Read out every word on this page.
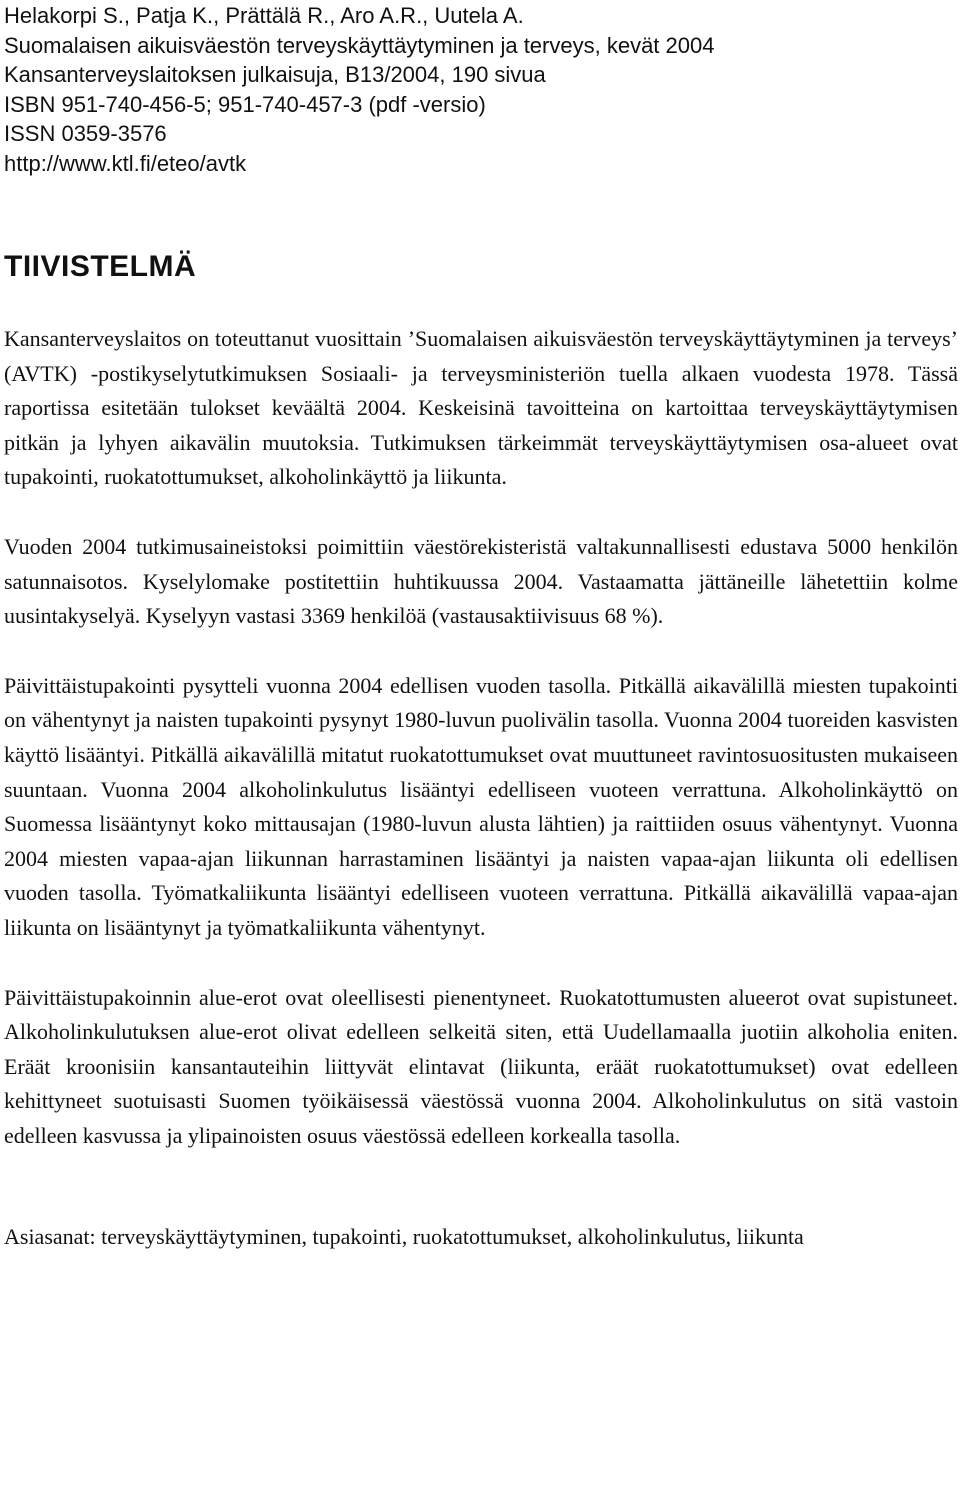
Helakorpi S., Patja K., Prättälä R., Aro A.R., Uutela A.
Suomalaisen aikuisväestön terveyskäyttäytyminen ja terveys, kevät 2004
Kansanterveyslaitoksen julkaisuja, B13/2004, 190 sivua
ISBN 951-740-456-5; 951-740-457-3 (pdf -versio)
ISSN 0359-3576
http://www.ktl.fi/eteo/avtk
TIIVISTELMÄ

Kansanterveyslaitos on toteuttanut vuosittain ’Suomalaisen aikuisväestön terveyskäyttäytyminen ja terveys’ (AVTK) -postikyselytutkimuksen Sosiaali- ja terveysministeriön tuella alkaen vuodesta 1978. Tässä raportissa esitetään tulokset keväältä 2004. Keskeisinä tavoitteina on kartoittaa terveyskäyttäytymisen pitkän ja lyhyen aikavälin muutoksia. Tutkimuksen tärkeimmät terveyskäyttäytymisen osa-alueet ovat tupakointi, ruokatottumukset, alkoholinkäyttö ja liikunta.

Vuoden 2004 tutkimusaineistoksi poimittiin väestörekisteristä valtakunnallisesti edustava 5000 henkilön satunnaisotos. Kyselylomake postitettiin huhtikuussa 2004. Vastaamatta jättäneille lähetettiin kolme uusintakyselyä. Kyselyyn vastasi 3369 henkilöä (vastausaktiivisuus 68 %).

Päivittäistupakointi pysytteli vuonna 2004 edellisen vuoden tasolla. Pitkällä aikavälillä miesten tupakointi on vähentynyt ja naisten tupakointi pysynyt 1980-luvun puolivälin tasolla. Vuonna 2004 tuoreiden kasvisten käyttö lisääntyi. Pitkällä aikavälillä mitatut ruokatottumukset ovat muuttuneet ravintosuositusten mukaiseen suuntaan. Vuonna 2004 alkoholinkulutus lisääntyi edelliseen vuoteen verrattuna. Alkoholinkäyttö on Suomessa lisääntynyt koko mittausajan (1980-luvun alusta lähtien) ja raittiiden osuus vähentynyt. Vuonna 2004 miesten vapaa-ajan liikunnan harrastaminen lisääntyi ja naisten vapaa-ajan liikunta oli edellisen vuoden tasolla. Työmatkaliikunta lisääntyi edelliseen vuoteen verrattuna. Pitkällä aikavälillä vapaa-ajan liikunta on lisääntynyt ja työmatkaliikunta vähentynyt.

Päivittäistupakoinnin alue-erot ovat oleellisesti pienentyneet. Ruokatottumusten alueerot ovat supistuneet. Alkoholinkulutuksen alue-erot olivat edelleen selkeitä siten, että Uudellamaalla juotiin alkoholia eniten. Eräät kroonisiin kansantauteihin liittyvät elintavat (liikunta, eräät ruokatottumukset) ovat edelleen kehittyneet suotuisasti Suomen työikäisessä väestössä vuonna 2004. Alkoholinkulutus on sitä vastoin edelleen kasvussa ja ylipainoisten osuus väestössä edelleen korkealla tasolla.

Asiasanat: terveyskäyttäytyminen, tupakointi, ruokatottumukset, alkoholinkulutus, liikunta
